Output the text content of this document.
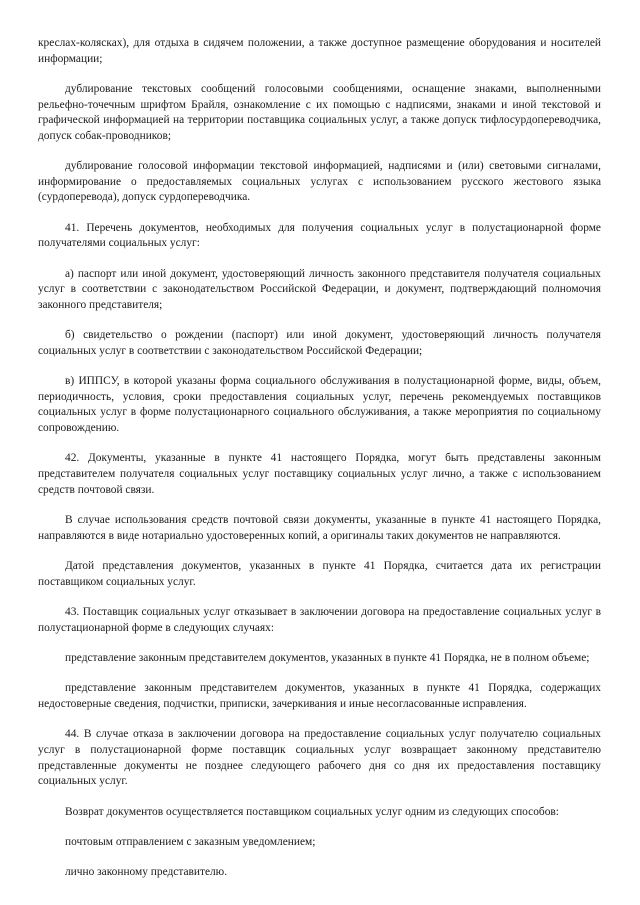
креслах-колясках), для отдыха в сидячем положении, а также доступное размещение оборудования и носителей информации;

дублирование текстовых сообщений голосовыми сообщениями, оснащение знаками, выполненными рельефно-точечным шрифтом Брайля, ознакомление с их помощью с надписями, знаками и иной текстовой и графической информацией на территории поставщика социальных услуг, а также допуск тифлосурдопереводчика, допуск собак-проводников;

дублирование голосовой информации текстовой информацией, надписями и (или) световыми сигналами, информирование о предоставляемых социальных услугах с использованием русского жестового языка (сурдоперевода), допуск сурдопереводчика.

41. Перечень документов, необходимых для получения социальных услуг в полустационарной форме получателями социальных услуг:

а) паспорт или иной документ, удостоверяющий личность законного представителя получателя социальных услуг в соответствии с законодательством Российской Федерации, и документ, подтверждающий полномочия законного представителя;

б) свидетельство о рождении (паспорт) или иной документ, удостоверяющий личность получателя социальных услуг в соответствии с законодательством Российской Федерации;

в) ИППСУ, в которой указаны форма социального обслуживания в полустационарной форме, виды, объем, периодичность, условия, сроки предоставления социальных услуг, перечень рекомендуемых поставщиков социальных услуг в форме полустационарного социального обслуживания, а также мероприятия по социальному сопровождению.

42. Документы, указанные в пункте 41 настоящего Порядка, могут быть представлены законным представителем получателя социальных услуг поставщику социальных услуг лично, а также с использованием средств почтовой связи.

В случае использования средств почтовой связи документы, указанные в пункте 41 настоящего Порядка, направляются в виде нотариально удостоверенных копий, а оригиналы таких документов не направляются.

Датой представления документов, указанных в пункте 41 Порядка, считается дата их регистрации поставщиком социальных услуг.

43. Поставщик социальных услуг отказывает в заключении договора на предоставление социальных услуг в полустационарной форме в следующих случаях:

представление законным представителем документов, указанных в пункте 41 Порядка, не в полном объеме;

представление законным представителем документов, указанных в пункте 41 Порядка, содержащих недостоверные сведения, подчистки, приписки, зачеркивания и иные несогласованные исправления.

44. В случае отказа в заключении договора на предоставление социальных услуг получателю социальных услуг в полустационарной форме поставщик социальных услуг возвращает законному представителю представленные документы не позднее следующего рабочего дня со дня их предоставления поставщику социальных услуг.

Возврат документов осуществляется поставщиком социальных услуг одним из следующих способов:

почтовым отправлением с заказным уведомлением;

лично законному представителю.
